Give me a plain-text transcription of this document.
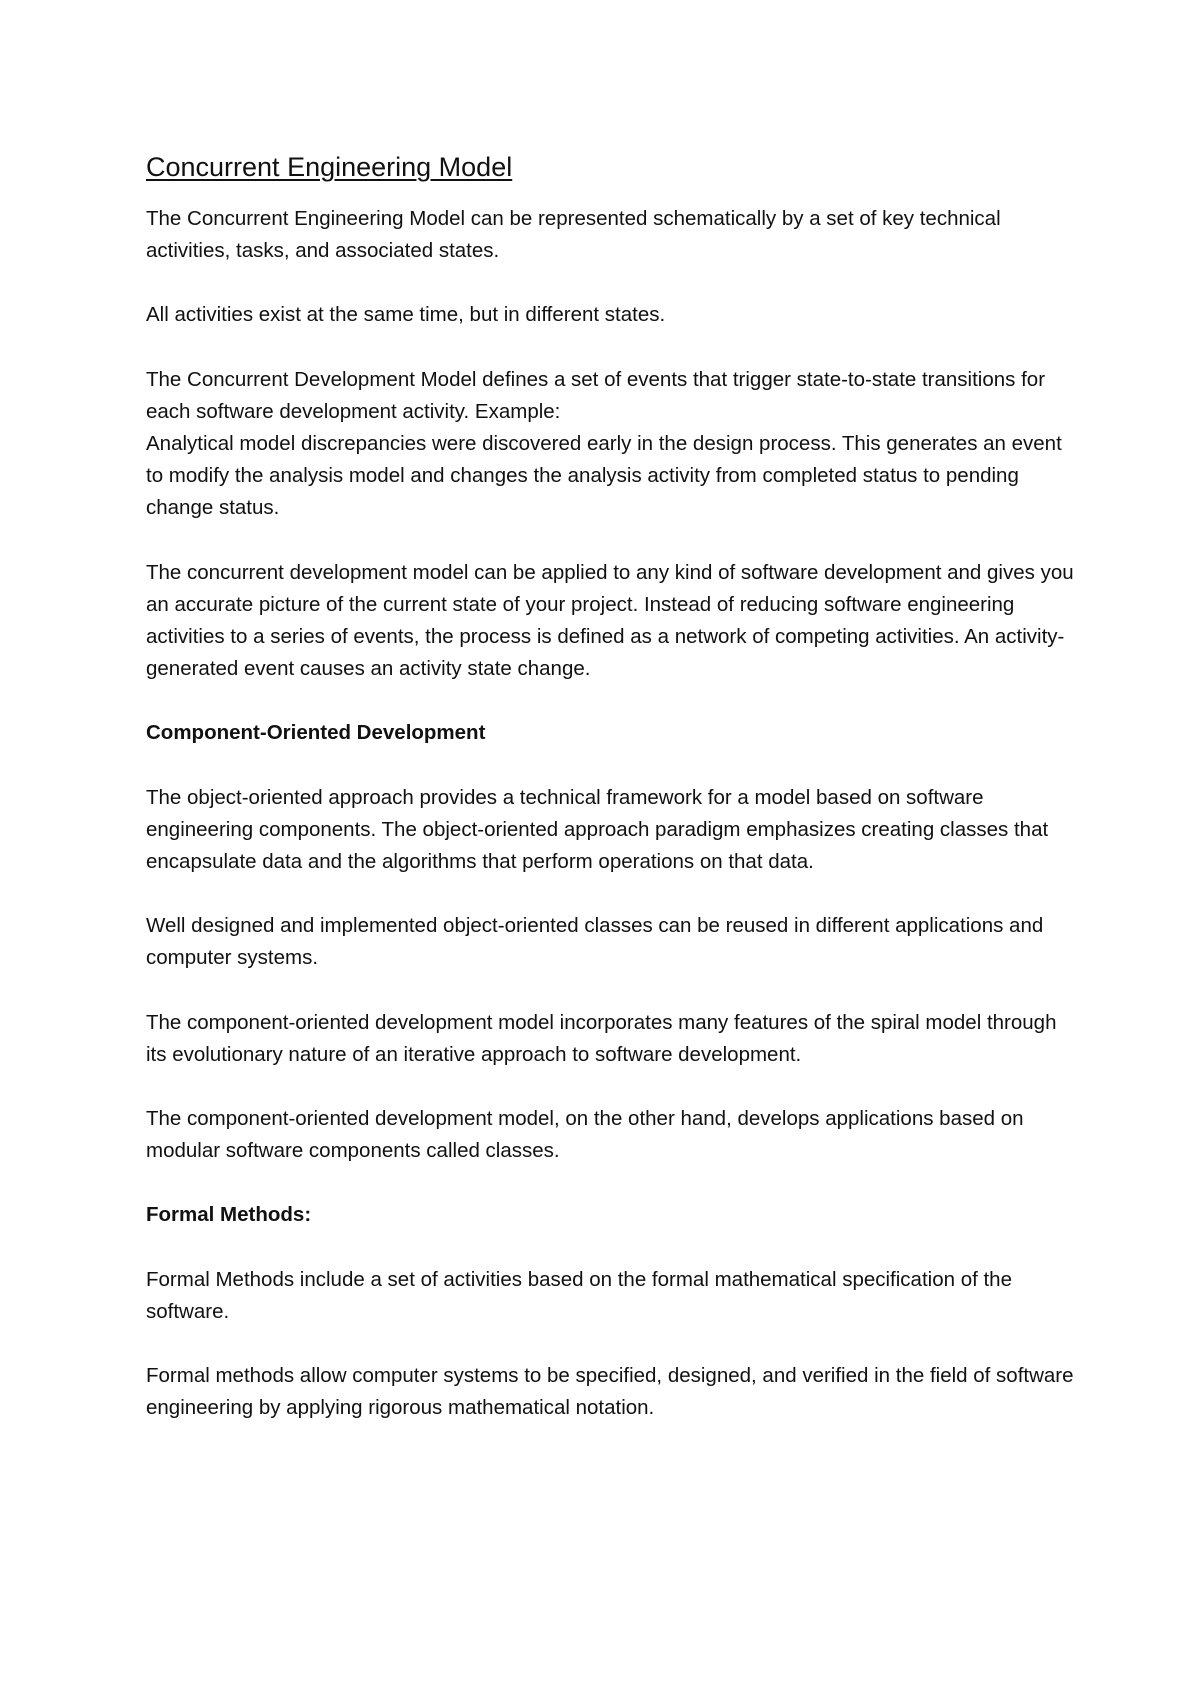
Concurrent Engineering Model

The Concurrent Engineering Model can be represented schematically by a set of key technical activities, tasks, and associated states.

All activities exist at the same time, but in different states.

The Concurrent Development Model defines a set of events that trigger state-to-state transitions for each software development activity. Example:

Analytical model discrepancies were discovered early in the design process. This generates an event to modify the analysis model and changes the analysis activity from completed status to pending change status.

The concurrent development model can be applied to any kind of software development and gives you an accurate picture of the current state of your project. Instead of reducing software engineering activities to a series of events, the process is defined as a network of competing activities. An activity-generated event causes an activity state change.

Component-Oriented Development

The object-oriented approach provides a technical framework for a model based on software engineering components. The object-oriented approach paradigm emphasizes creating classes that encapsulate data and the algorithms that perform operations on that data.

Well designed and implemented object-oriented classes can be reused in different applications and computer systems.

The component-oriented development model incorporates many features of the spiral model through its evolutionary nature of an iterative approach to software development.

The component-oriented development model, on the other hand, develops applications based on modular software components called classes.

Formal Methods:

Formal Methods include a set of activities based on the formal mathematical specification of the software.

Formal methods allow computer systems to be specified, designed, and verified in the field of software engineering by applying rigorous mathematical notation.
